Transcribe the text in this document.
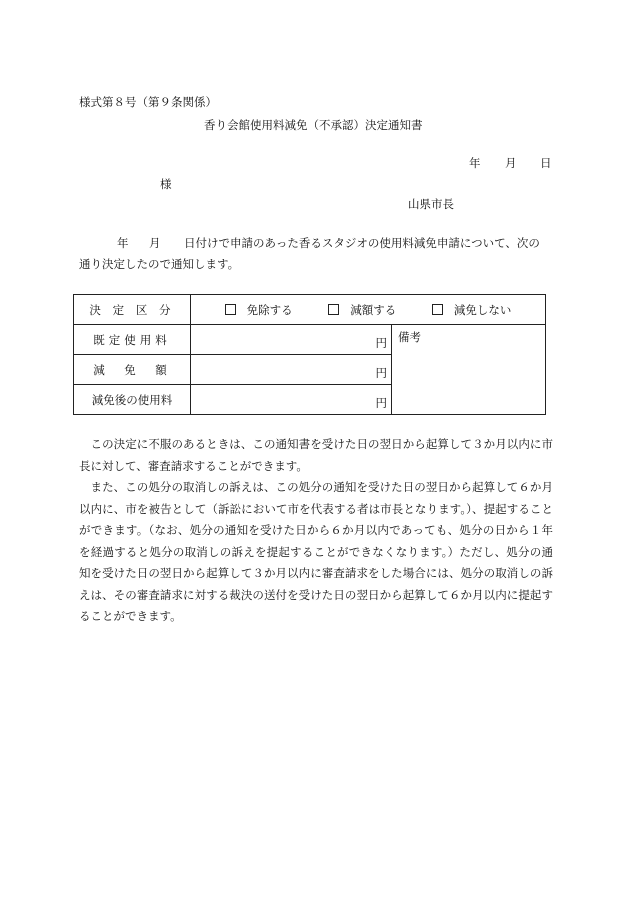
様式第８号（第９条関係）
香り会館使用料減免（不承認）決定通知書
年 月 日
様
山県市長
年 月 日付けで申請のあった香るスタジオの使用料減免申請について、次の
通り決定したので通知します。
決 定 区 分	免除する 減額する 減免しない	
既定使用料	円	備考
減　免　額	円	
減免後の使用料	円	
この決定に不服のあるときは、この通知書を受けた日の翌日から起算して３か月以内に市長に対して、審査請求することができます。
また、この処分の取消しの訴えは、この処分の通知を受けた日の翌日から起算して６か月以内に、市を被告として（訴訟において市を代表する者は市長となります。）、提起することができます。（なお、処分の通知を受けた日から６か月以内であっても、処分の日から１年を経過すると処分の取消しの訴えを提起することができなくなります。）ただし、処分の通知を受けた日の翌日から起算して３か月以内に審査請求をした場合には、処分の取消しの訴えは、その審査請求に対する裁決の送付を受けた日の翌日から起算して６か月以内に提起することができます。
